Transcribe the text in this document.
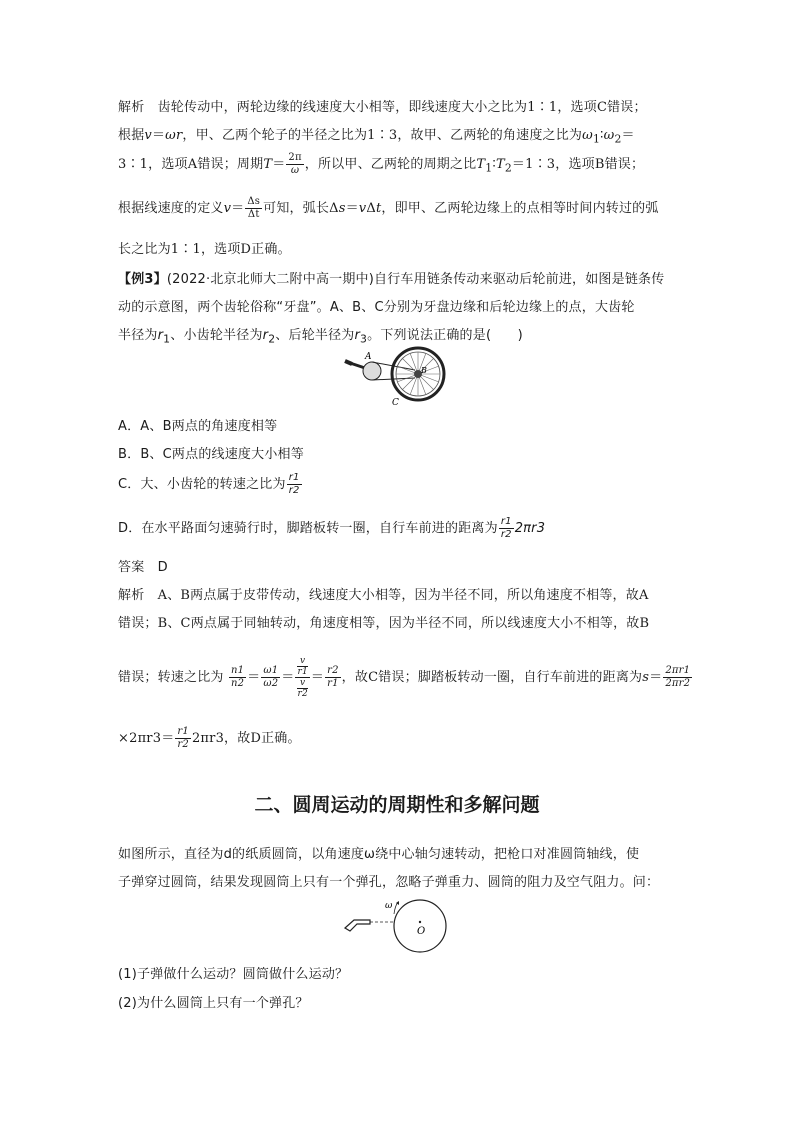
解析　齿轮传动中，两轮边缘的线速度大小相等，即线速度大小之比为1∶1，选项C错误；
根据v＝ωr，甲、乙两个轮子的半径之比为1∶3，故甲、乙两轮的角速度之比为$\omega_1∶\omega_2=$
3∶1，选项A错误；周期$T= \frac{2\pi}{\omega}$ ，所以甲、乙两轮的周期之比$T_1∶T_2=1∶3$，选项B错误；
根据线速度的定义$v= \frac{\Delta s}{\Delta t}$ 可知，弧长Δs＝vΔt，即甲、乙两轮边缘上的点相等时间内转过的弧
长之比为1∶1，选项D正确。
【例3】(2022·北京北师大二附中高一期中)自行车用链条传动来驱动后轮前进，如图是链条传
动的示意图，两个齿轮俗称“牙盘”。A、B、C分别为牙盘边缘和后轮边缘上的点，大齿轮
半径为$r_1$、小齿轮半径为$r_2$、后轮半径为$r_3$。下列说法正确的是(　　)
A
B
C
A．A、B两点的角速度相等
B．B、C两点的线速度大小相等
C．大、小齿轮的转速之比为 $\frac{r1}{r2}$
D．在水平路面匀速骑行时，脚踏板转一圈，自行车前进的距离为 $\frac{r1}{r2} 2\pi r3$
答案　D
解析　A、B两点属于皮带传动，线速度大小相等，因为半径不同，所以角速度不相等，故A
错误；B、C两点属于同轴转动，角速度相等，因为半径不同，所以线速度大小不相等，故B
错误；转速之比为 $\frac{n1}{n2} = \frac{\omega 1}{\omega 2} = v$
r1
v
$r2 = \frac{r2}{r1}$ ，故C错误；脚踏板转动一圈，自行车前进的距离为$s= \frac{2\pi r1}{2\pi r2}$
$\times 2\pi r3= \frac{r1}{r2} 2\pi r3$，故D正确。
二、圆周运动的周期性和多解问题
如图所示，直径为d的纸质圆筒，以角速度ω绕中心轴匀速转动，把枪口对准圆筒轴线，使
子弹穿过圆筒，结果发现圆筒上只有一个弹孔，忽略子弹重力、圆筒的阻力及空气阻力。问：
O
ω
(1)子弹做什么运动？圆筒做什么运动？
(2)为什么圆筒上只有一个弹孔？
